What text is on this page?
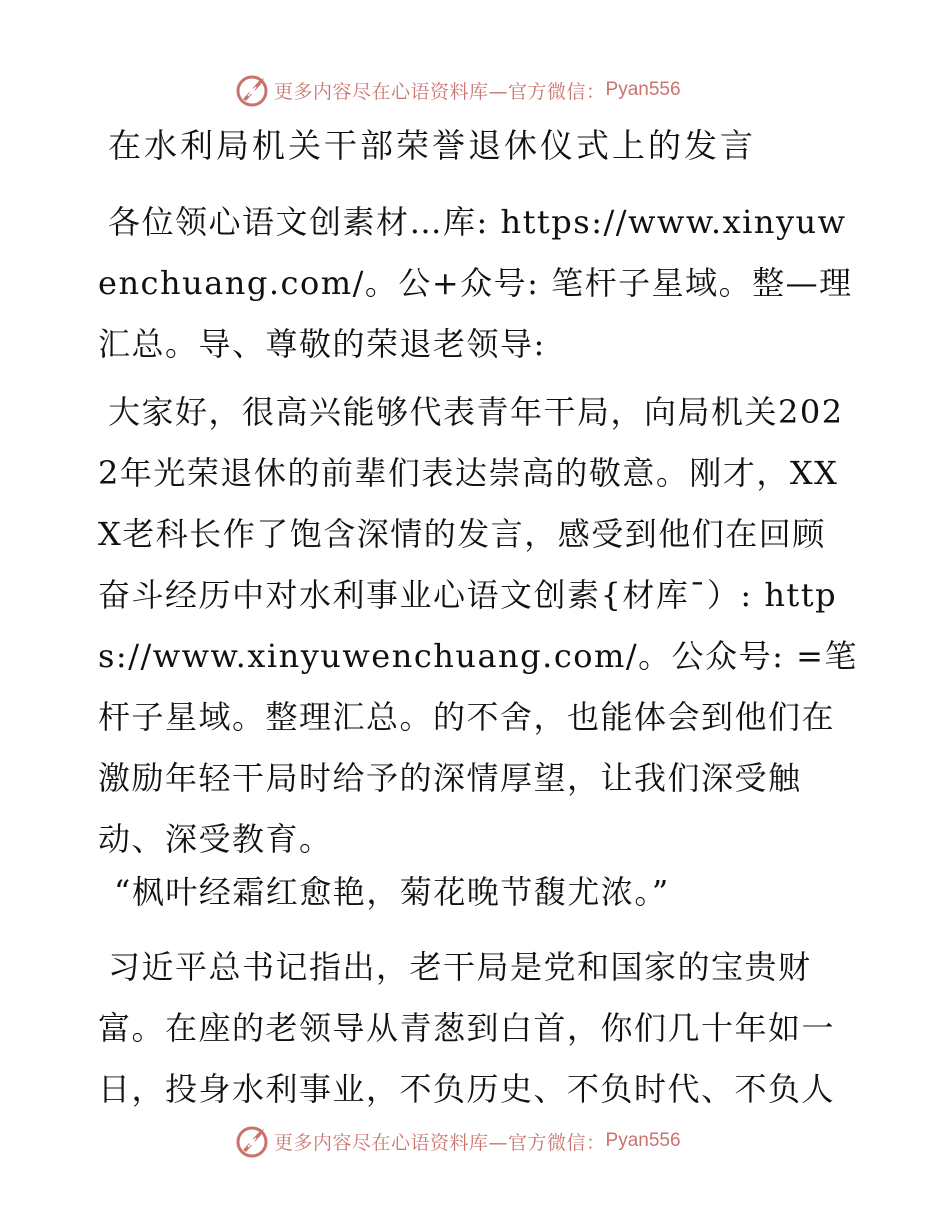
更多内容尽在心语资料库—官方微信： Pyan556
在水利局机关干部荣誉退休仪式上的发言

各位领心语文创素材…库: https://www.xinyuwenchuang.com/。公+众号: 笔杆子星域。整—理汇总。导、尊敬的荣退老领导:

大家好，很高兴能够代表青年干局，向局机关2022年光荣退休的前辈们表达崇高的敬意。刚才，XXX老科长作了饱含深情的发言，感受到他们在回顾奋斗经历中对水利事业心语文创素{材库¯）: https://www.xinyuwenchuang.com/。公众号: =笔杆子星域。整理汇总。的不舍，也能体会到他们在激励年轻干局时给予的深情厚望，让我们深受触动、深受教育。

“枫叶经霜红愈艳，菊花晚节馥尤浓。”

习近平总书记指出，老干局是党和国家的宝贵财富。在座的老领导从青葱到白首，你们几十年如一日，投身水利事业，不负历史、不负时代、不负人

更多内容尽在心语资料库—官方微信： Pyan556
